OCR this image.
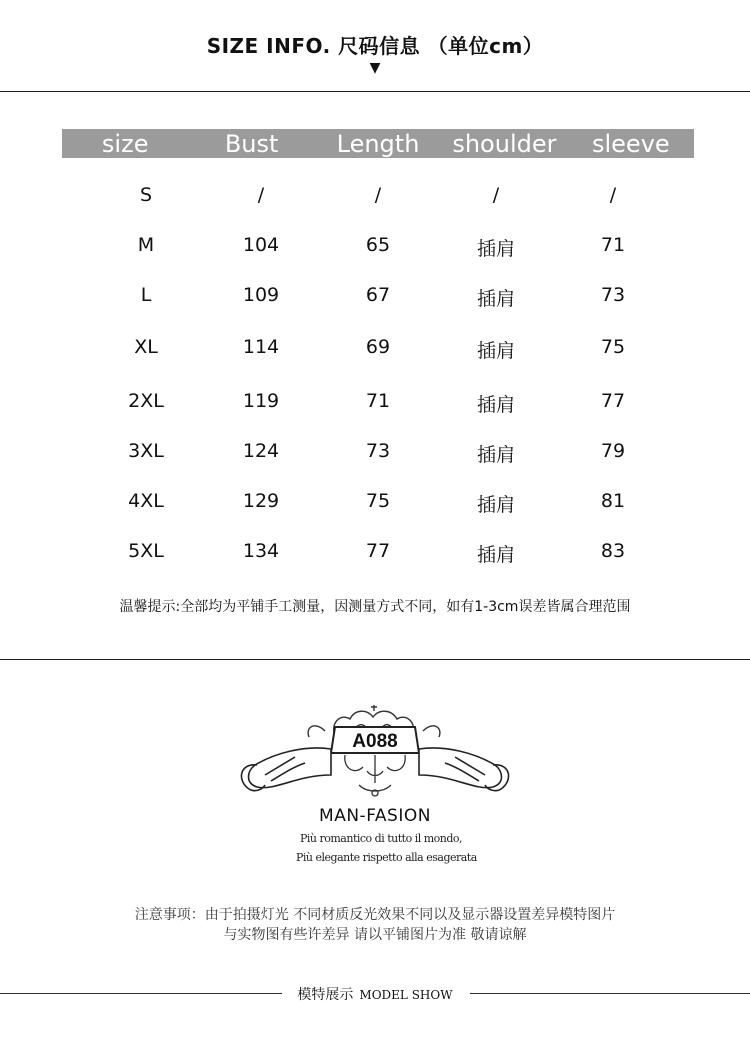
SIZE INFO. 尺码信息 （单位cm）
▼
size	Bust	Length	shoulder	sleeve
S	/	/	/	/
M	104	65	插肩	71
L	109	67	插肩	73
XL	114	69	插肩	75
2XL	119	71	插肩	77
3XL	124	73	插肩	79
4XL	129	75	插肩	81
5XL	134	77	插肩	83
温馨提示:全部均为平铺手工测量，因测量方式不同，如有1-3cm误差皆属合理范围
A088
MAN-FASION
Più romantico di tutto il mondo,
Più elegante rispetto alla esagerata
注意事项：由于拍摄灯光 不同材质反光效果不同以及显示器设置差异模特图片
与实物图有些许差异 请以平铺图片为准 敬请谅解
模特展示 MODEL SHOW
